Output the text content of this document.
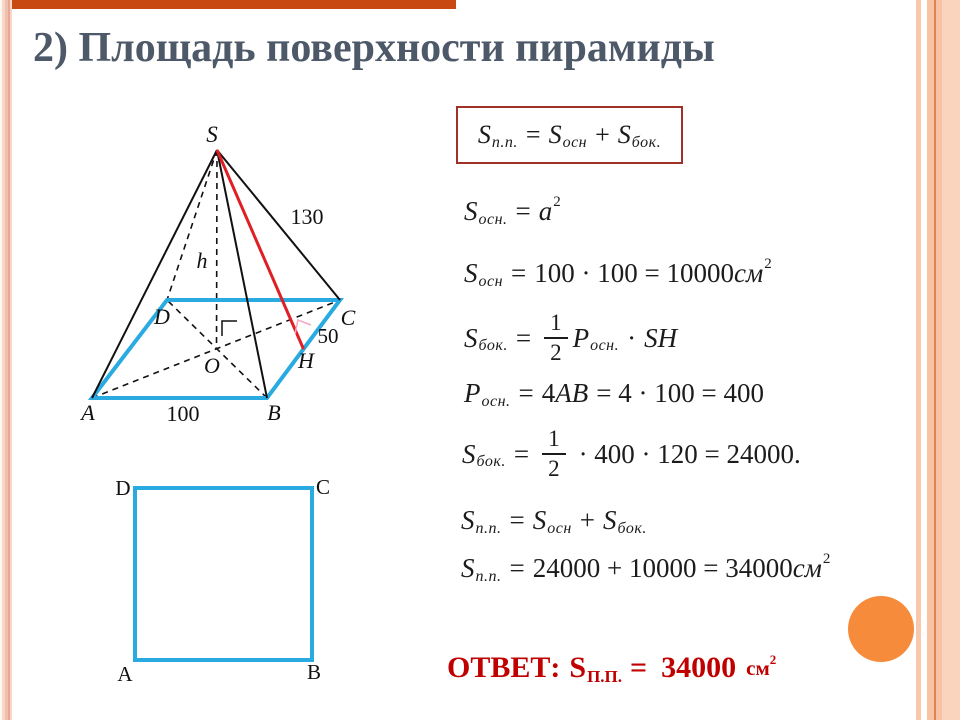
2) Площадь поверхности пирамиды
S
130
h
D	C
50
H
O
A	B
100
D	C
A	B
S п.п. = S осн + S бок.
S осн. = a 2
S осн = 100 · 100 = 10000 см 2
S бок. = $\frac{1}{2}$ P осн. · SH
P осн. = 4 AB = 4 · 100 = 400
S бок. = $\frac{1}{2} \cdot 400 \cdot 120 = 24000$.
S п.п. = S осн + S бок.
S п.п. = 24000 + 10000 = 34000 см 2
ОТВЕТ: S П.П. = 34000 см 2
